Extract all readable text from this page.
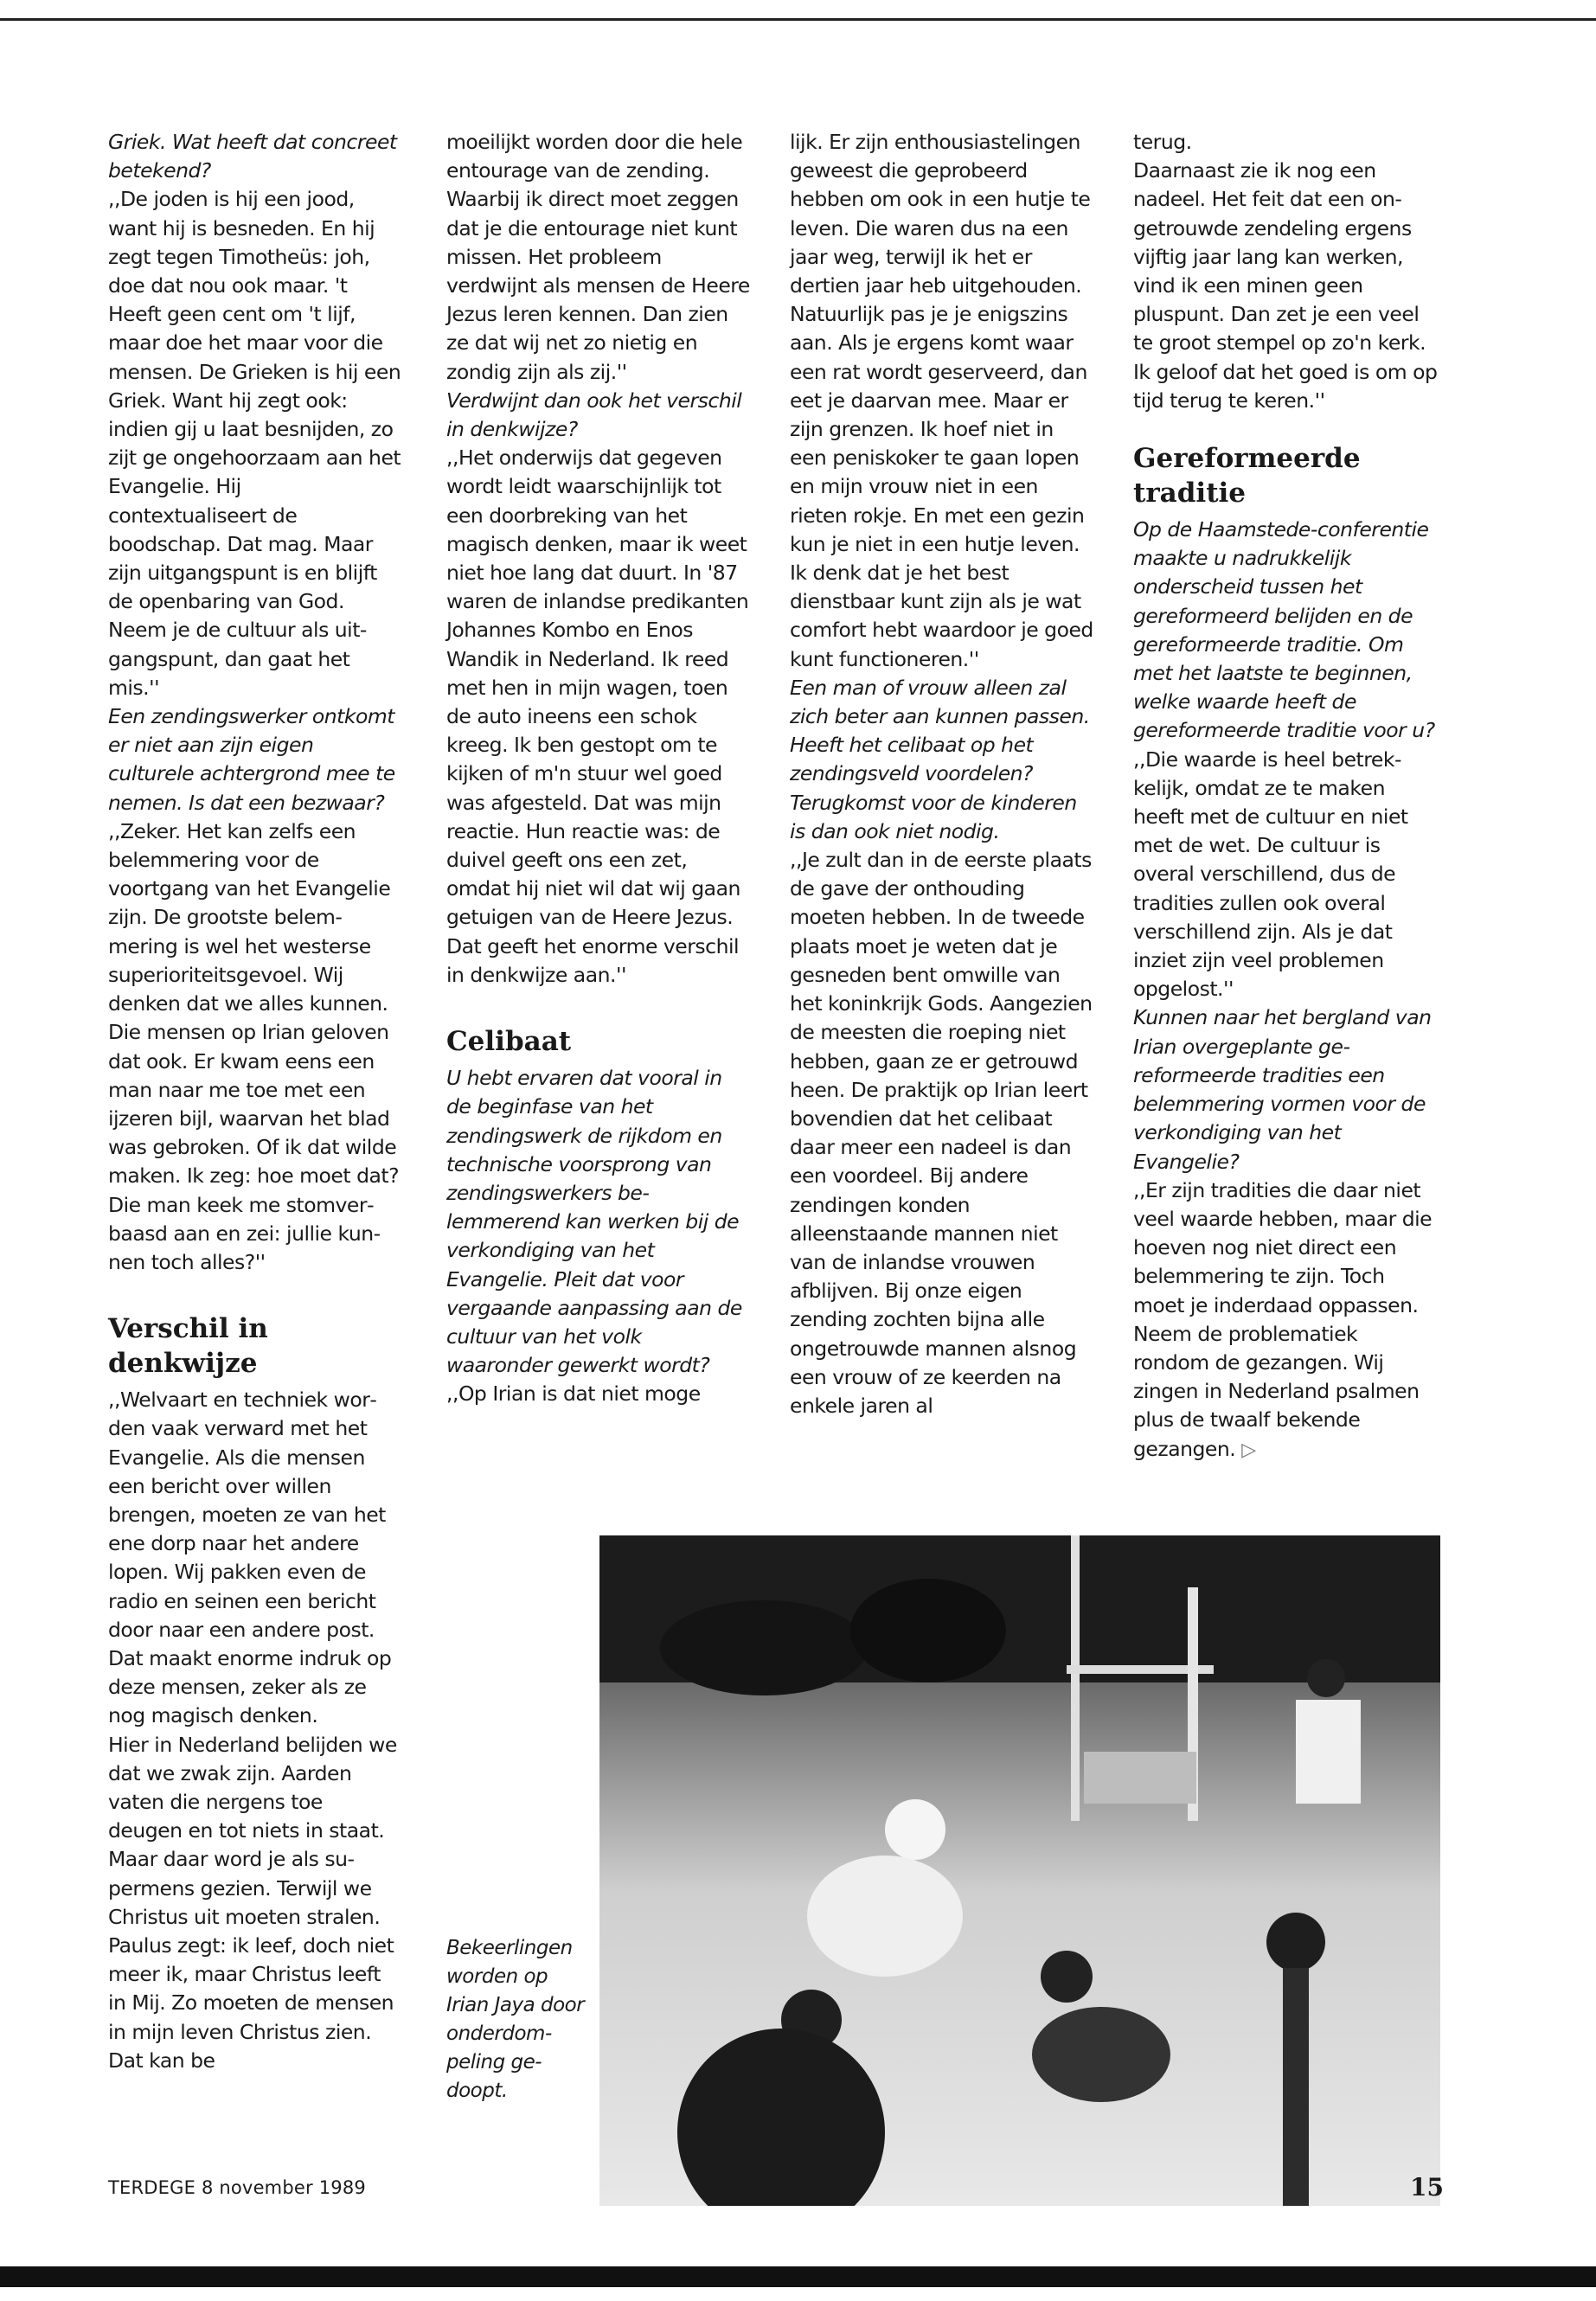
Griek. Wat heeft dat concreet betekend?

,,De joden is hij een jood, want hij is besneden. En hij zegt tegen Timotheüs: joh, doe dat nou ook maar. 't Heeft geen cent om 't lijf, maar doe het maar voor die mensen. De Grieken is hij een Griek. Want hij zegt ook: indien gij u laat besnijden, zo zijt ge ongehoorzaam aan het Evangelie. Hij contextualiseert de boodschap. Dat mag. Maar zijn uitgangspunt is en blijft de openbaring van God. Neem je de cultuur als uitgangspunt, dan gaat het mis.''

Een zendingswerker ontkomt er niet aan zijn eigen culturele achtergrond mee te nemen. Is dat een bezwaar?

,,Zeker. Het kan zelfs een belemmering voor de voortgang van het Evangelie zijn. De grootste belemmering is wel het westerse superioriteitsgevoel. Wij denken dat we alles kunnen. Die mensen op Irian geloven dat ook. Er kwam eens een man naar me toe met een ijzeren bijl, waarvan het blad was gebroken. Of ik dat wilde maken. Ik zeg: hoe moet dat? Die man keek me stomverbaasd aan en zei: jullie kunnen toch alles?''

Verschil in denkwijze

,,Welvaart en techniek worden vaak verward met het Evangelie. Als die mensen een bericht over willen brengen, moeten ze van het ene dorp naar het andere lopen. Wij pakken even de radio en seinen een bericht door naar een andere post. Dat maakt enorme indruk op deze mensen, zeker als ze nog magisch denken.

Hier in Nederland belijden we dat we zwak zijn. Aarden vaten die nergens toe deugen en tot niets in staat. Maar daar word je als supermens gezien. Terwijl we Christus uit moeten stralen. Paulus zegt: ik leef, doch niet meer ik, maar Christus leeft in Mij. Zo moeten de mensen in mijn leven Christus zien. Dat kan be

moeilijkt worden door die hele entourage van de zending. Waarbij ik direct moet zeggen dat je die entourage niet kunt missen. Het probleem verdwijnt als mensen de Heere Jezus leren kennen. Dan zien ze dat wij net zo nietig en zondig zijn als zij.''

Verdwijnt dan ook het verschil in denkwijze?

,,Het onderwijs dat gegeven wordt leidt waarschijnlijk tot een doorbreking van het magisch denken, maar ik weet niet hoe lang dat duurt. In '87 waren de inlandse predikanten Johannes Kombo en Enos Wandik in Nederland. Ik reed met hen in mijn wagen, toen de auto ineens een schok kreeg. Ik ben gestopt om te kijken of m'n stuur wel goed was afgesteld. Dat was mijn reactie. Hun reactie was: de duivel geeft ons een zet, omdat hij niet wil dat wij gaan getuigen van de Heere Jezus. Dat geeft het enorme verschil in denkwijze aan.''

Celibaat

U hebt ervaren dat vooral in de beginfase van het zendingswerk de rijkdom en technische voorsprong van zendingswerkers belemmerend kan werken bij de verkondiging van het Evangelie. Pleit dat voor vergaande aanpassing aan de cultuur van het volk waaronder gewerkt wordt?

,,Op Irian is dat niet moge

lijk. Er zijn enthousiastelingen geweest die geprobeerd hebben om ook in een hutje te leven. Die waren dus na een jaar weg, terwijl ik het er dertien jaar heb uitgehouden. Natuurlijk pas je je enigszins aan. Als je ergens komt waar een rat wordt geserveerd, dan eet je daarvan mee. Maar er zijn grenzen. Ik hoef niet in een peniskoker te gaan lopen en mijn vrouw niet in een rieten rokje. En met een gezin kun je niet in een hutje leven. Ik denk dat je het best dienstbaar kunt zijn als je wat comfort hebt waardoor je goed kunt functioneren.''

Een man of vrouw alleen zal zich beter aan kunnen passen. Heeft het celibaat op het zendingsveld voordelen? Terugkomst voor de kinderen is dan ook niet nodig.

,,Je zult dan in de eerste plaats de gave der onthouding moeten hebben. In de tweede plaats moet je weten dat je gesneden bent omwille van het koninkrijk Gods. Aangezien de meesten die roeping niet hebben, gaan ze er getrouwd heen. De praktijk op Irian leert bovendien dat het celibaat daar meer een nadeel is dan een voordeel. Bij andere zendingen konden alleenstaande mannen niet van de inlandse vrouwen afblijven. Bij onze eigen zending zochten bijna alle ongetrouwde mannen alsnog een vrouw of ze keerden na enkele jaren al

terug.

Daarnaast zie ik nog een nadeel. Het feit dat een ongetrouwde zendeling ergens vijftig jaar lang kan werken, vind ik een minen geen pluspunt. Dan zet je een veel te groot stempel op zo'n kerk. Ik geloof dat het goed is om op tijd terug te keren.''

Gereformeerde traditie

Op de Haamstede-conferentie maakte u nadrukkelijk onderscheid tussen het gereformeerd belijden en de gereformeerde traditie. Om met het laatste te beginnen, welke waarde heeft de gereformeerde traditie voor u?

,,Die waarde is heel betrekkelijk, omdat ze te maken heeft met de cultuur en niet met de wet. De cultuur is overal verschillend, dus de tradities zullen ook overal verschillend zijn. Als je dat inziet zijn veel problemen opgelost.''

Kunnen naar het bergland van Irian overgeplante gereformeerde tradities een belemmering vormen voor de verkondiging van het Evangelie?

,,Er zijn tradities die daar niet veel waarde hebben, maar die hoeven nog niet direct een belemmering te zijn. Toch moet je inderdaad oppassen. Neem de problematiek rondom de gezangen. Wij zingen in Nederland psalmen plus de twaalf bekende gezangen. ▷

Bekeerlingen worden op Irian Jaya door onderdompeling gedoopt.
TERDEGE 8 november 1989	15
